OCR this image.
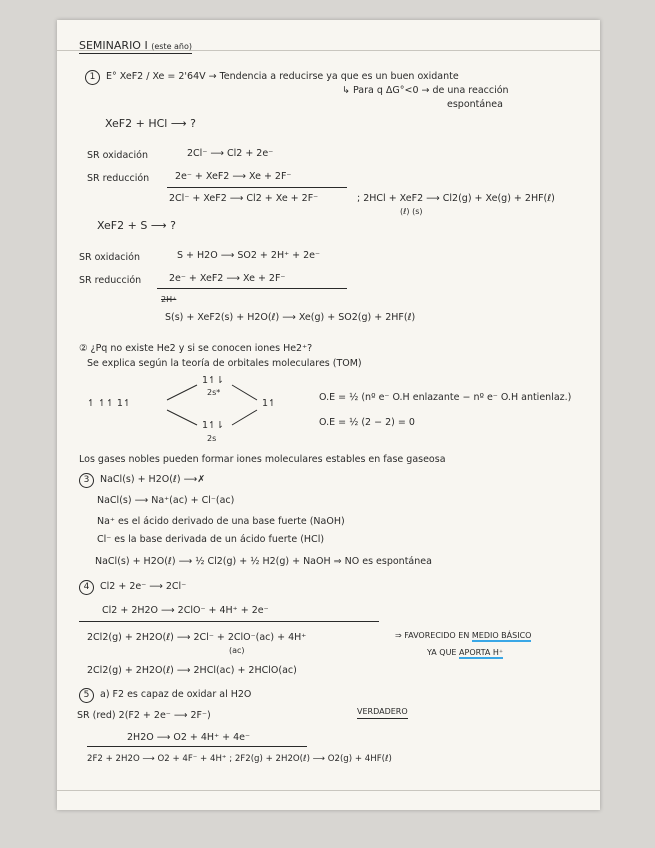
SEMINARIO I (este año)
1 E° XeF2 / Xe = 2'64V → Tendencia a reducirse ya que es un buen oxidante
↳ Para q ΔG°<0 → de una reacción
espontánea
XeF2 + HCl ⟶ ?
SR oxidación	2Cl⁻ ⟶ Cl2 + 2e⁻
SR reducción	2e⁻ + XeF2 ⟶ Xe + 2F⁻
2Cl⁻ + XeF2 ⟶ Cl2 + Xe + 2F⁻	; 2HCl + XeF2 ⟶ Cl2(g) + Xe(g) + 2HF(ℓ)
(ℓ) (s)
XeF2 + S ⟶ ?
SR oxidación	S + H2O ⟶ SO2 + 2H⁺ + 2e⁻
SR reducción	2e⁻ + XeF2 ⟶ Xe + 2F⁻
2H⁺
S(s) + XeF2(s) + H2O(ℓ) ⟶ Xe(g) + SO2(g) + 2HF(ℓ)
② ¿Pq no existe He2 y si se conocen iones He2⁺?
Se explica según la teoría de orbitales moleculares (TOM)
1↿⇂
2s*
↿ ↿↿ 1↿	1↿
1↿⇂
2s
O.E = ½ (nº e⁻ O.H enlazante − nº e⁻ O.H antienlaz.)
O.E = ½ (2 − 2) = 0
Los gases nobles pueden formar iones moleculares estables en fase gaseosa
3 NaCl(s) + H2O(ℓ) ⟶✗
NaCl(s) ⟶ Na⁺(ac) + Cl⁻(ac)
Na⁺ es el ácido derivado de una base fuerte (NaOH)
Cl⁻ es la base derivada de un ácido fuerte (HCl)
NaCl(s) + H2O(ℓ) ⟶ ½ Cl2(g) + ½ H2(g) + NaOH ⇒ NO es espontánea
4 Cl2 + 2e⁻ ⟶ 2Cl⁻
Cl2 + 2H2O ⟶ 2ClO⁻ + 4H⁺ + 2e⁻
2Cl2(g) + 2H2O(ℓ) ⟶ 2Cl⁻ + 2ClO⁻(ac) + 4H⁺
(ac)
⇒ FAVORECIDO EN MEDIO BÁSICO
YA QUE APORTA H⁺
2Cl2(g) + 2H2O(ℓ) ⟶ 2HCl(ac) + 2HClO(ac)
5 a) F2 es capaz de oxidar al H2O
SR (red) 2(F2 + 2e⁻ ⟶ 2F⁻)	VERDADERO
2H2O ⟶ O2 + 4H⁺ + 4e⁻
2F2 + 2H2O ⟶ O2 + 4F⁻ + 4H⁺ ; 2F2(g) + 2H2O(ℓ) ⟶ O2(g) + 4HF(ℓ)
